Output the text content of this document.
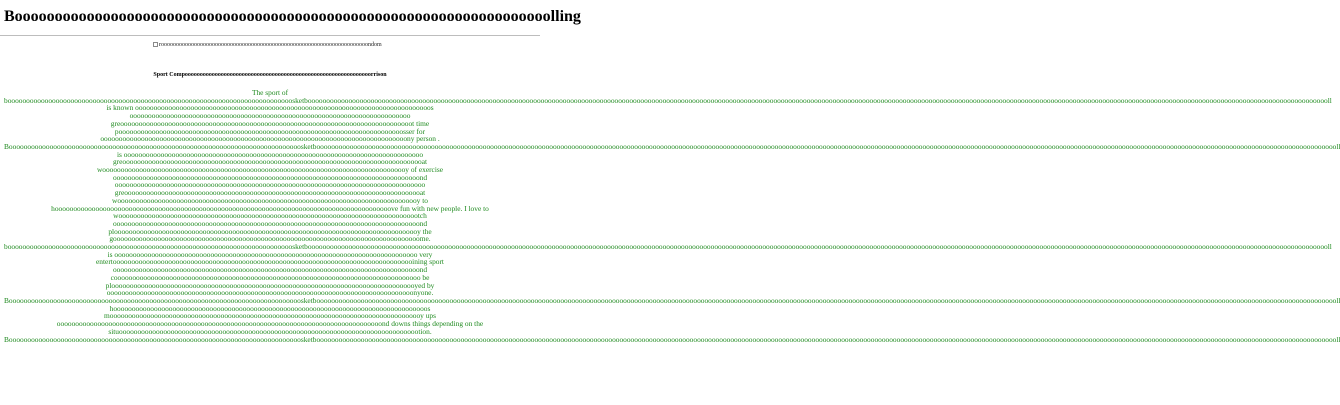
Booooooooooooooooooooooooooooooooooooooooooooooooooooooooooooooooooolling
rooooooooooooooooooooooooooooooooooooooooooooooooooooooooooooooooooooondom
Sport Compoooooooooooooooooooooooooooooooooooooooooooooooooooooooooooooorrison
The sport of
booooooooooooooooooooooooooooooooooooooooooooooooooooooooooooooooooooooooooooosketbooooooooooooooooooooooooooooooooooooooooooooooooooooooooooooooooooooooooooooooooooooooooooooooooooooooooooooooooooooooooooooooooooooooooooooooooooooooooooooooooooooooooooooooooooooooooooooooooooooooooooooooooooooooooooooooooooooooooooooooooooooooooooooooooooooooooooooooooooooll
is known oooooooooooooooooooooooooooooooooooooooooooooooooooooooooooooooooooooooooooooooos
oooooooooooooooooooooooooooooooooooooooooooooooooooooooooooooooooooooooooooo
greooooooooooooooooooooooooooooooooooooooooooooooooooooooooooooooooooooooooooooooot time
pooooooooooooooooooooooooooooooooooooooooooooooooooooooooooooooooooooooooooooosser for
ooooooooooooooooooooooooooooooooooooooooooooooooooooooooooooooooooooooooooooooooooony person .
Booooooooooooooooooooooooooooooooooooooooooooooooooooooooooooooooooooooooooooooosketbooooooooooooooooooooooooooooooooooooooooooooooooooooooooooooooooooooooooooooooooooooooooooooooooooooooooooooooooooooooooooooooooooooooooooooooooooooooooooooooooooooooooooooooooooooooooooooooooooooooooooooooooooooooooooooooooooooooooooooooooooooooooooooooooooooooooooooooooooooll
is ooooooooooooooooooooooooooooooooooooooooooooooooooooooooooooooooooooooooooooooooo
greoooooooooooooooooooooooooooooooooooooooooooooooooooooooooooooooooooooooooooooooooat
wooooooooooooooooooooooooooooooooooooooooooooooooooooooooooooooooooooooooooooooooooy of exercise
ooooooooooooooooooooooooooooooooooooooooooooooooooooooooooooooooooooooooooooooooooond
oooooooooooooooooooooooooooooooooooooooooooooooooooooooooooooooooooooooooooooooooooo
greooooooooooooooooooooooooooooooooooooooooooooooooooooooooooooooooooooooooooooooooat
woooooooooooooooooooooooooooooooooooooooooooooooooooooooooooooooooooooooooooooooooy to
hooooooooooooooooooooooooooooooooooooooooooooooooooooooooooooooooooooooooooooooooooooooooooove fun with new people. I love to
woooooooooooooooooooooooooooooooooooooooooooooooooooooooooooooooooooooooooooooooootch
ooooooooooooooooooooooooooooooooooooooooooooooooooooooooooooooooooooooooooooooooooond
plooooooooooooooooooooooooooooooooooooooooooooooooooooooooooooooooooooooooooooooooooy the
gooooooooooooooooooooooooooooooooooooooooooooooooooooooooooooooooooooooooooooooooooome.
booooooooooooooooooooooooooooooooooooooooooooooooooooooooooooooooooooooooooooosketbooooooooooooooooooooooooooooooooooooooooooooooooooooooooooooooooooooooooooooooooooooooooooooooooooooooooooooooooooooooooooooooooooooooooooooooooooooooooooooooooooooooooooooooooooooooooooooooooooooooooooooooooooooooooooooooooooooooooooooooooooooooooooooooooooooooooooooooooooooll
is oooooooooooooooooooooooooooooooooooooooooooooooooooooooooooooooooooooooooooooooooo very
entertoooooooooooooooooooooooooooooooooooooooooooooooooooooooooooooooooooooooooooooooooining sport
ooooooooooooooooooooooooooooooooooooooooooooooooooooooooooooooooooooooooooooooooooond
cooooooooooooooooooooooooooooooooooooooooooooooooooooooooooooooooooooooooooooooooooo be
plooooooooooooooooooooooooooooooooooooooooooooooooooooooooooooooooooooooooooooooooooyed by
ooooooooooooooooooooooooooooooooooooooooooooooooooooooooooooooooooooooooooooooooooonyone.
Booooooooooooooooooooooooooooooooooooooooooooooooooooooooooooooooooooooooooooooosketbooooooooooooooooooooooooooooooooooooooooooooooooooooooooooooooooooooooooooooooooooooooooooooooooooooooooooooooooooooooooooooooooooooooooooooooooooooooooooooooooooooooooooooooooooooooooooooooooooooooooooooooooooooooooooooooooooooooooooooooooooooooooooooooooooooooooooooooooooooll
hooooooooooooooooooooooooooooooooooooooooooooooooooooooooooooooooooooooooooooooooooooos
mooooooooooooooooooooooooooooooooooooooooooooooooooooooooooooooooooooooooooooooooooooy ups
oooooooooooooooooooooooooooooooooooooooooooooooooooooooooooooooooooooooooooooooooooooooond downs things depending on the
situoooooooooooooooooooooooooooooooooooooooooooooooooooooooooooooooooooooooooooooooootion.
Booooooooooooooooooooooooooooooooooooooooooooooooooooooooooooooooooooooooooooooosketbooooooooooooooooooooooooooooooooooooooooooooooooooooooooooooooooooooooooooooooooooooooooooooooooooooooooooooooooooooooooooooooooooooooooooooooooooooooooooooooooooooooooooooooooooooooooooooooooooooooooooooooooooooooooooooooooooooooooooooooooooooooooooooooooooooooooooooooooooooll
